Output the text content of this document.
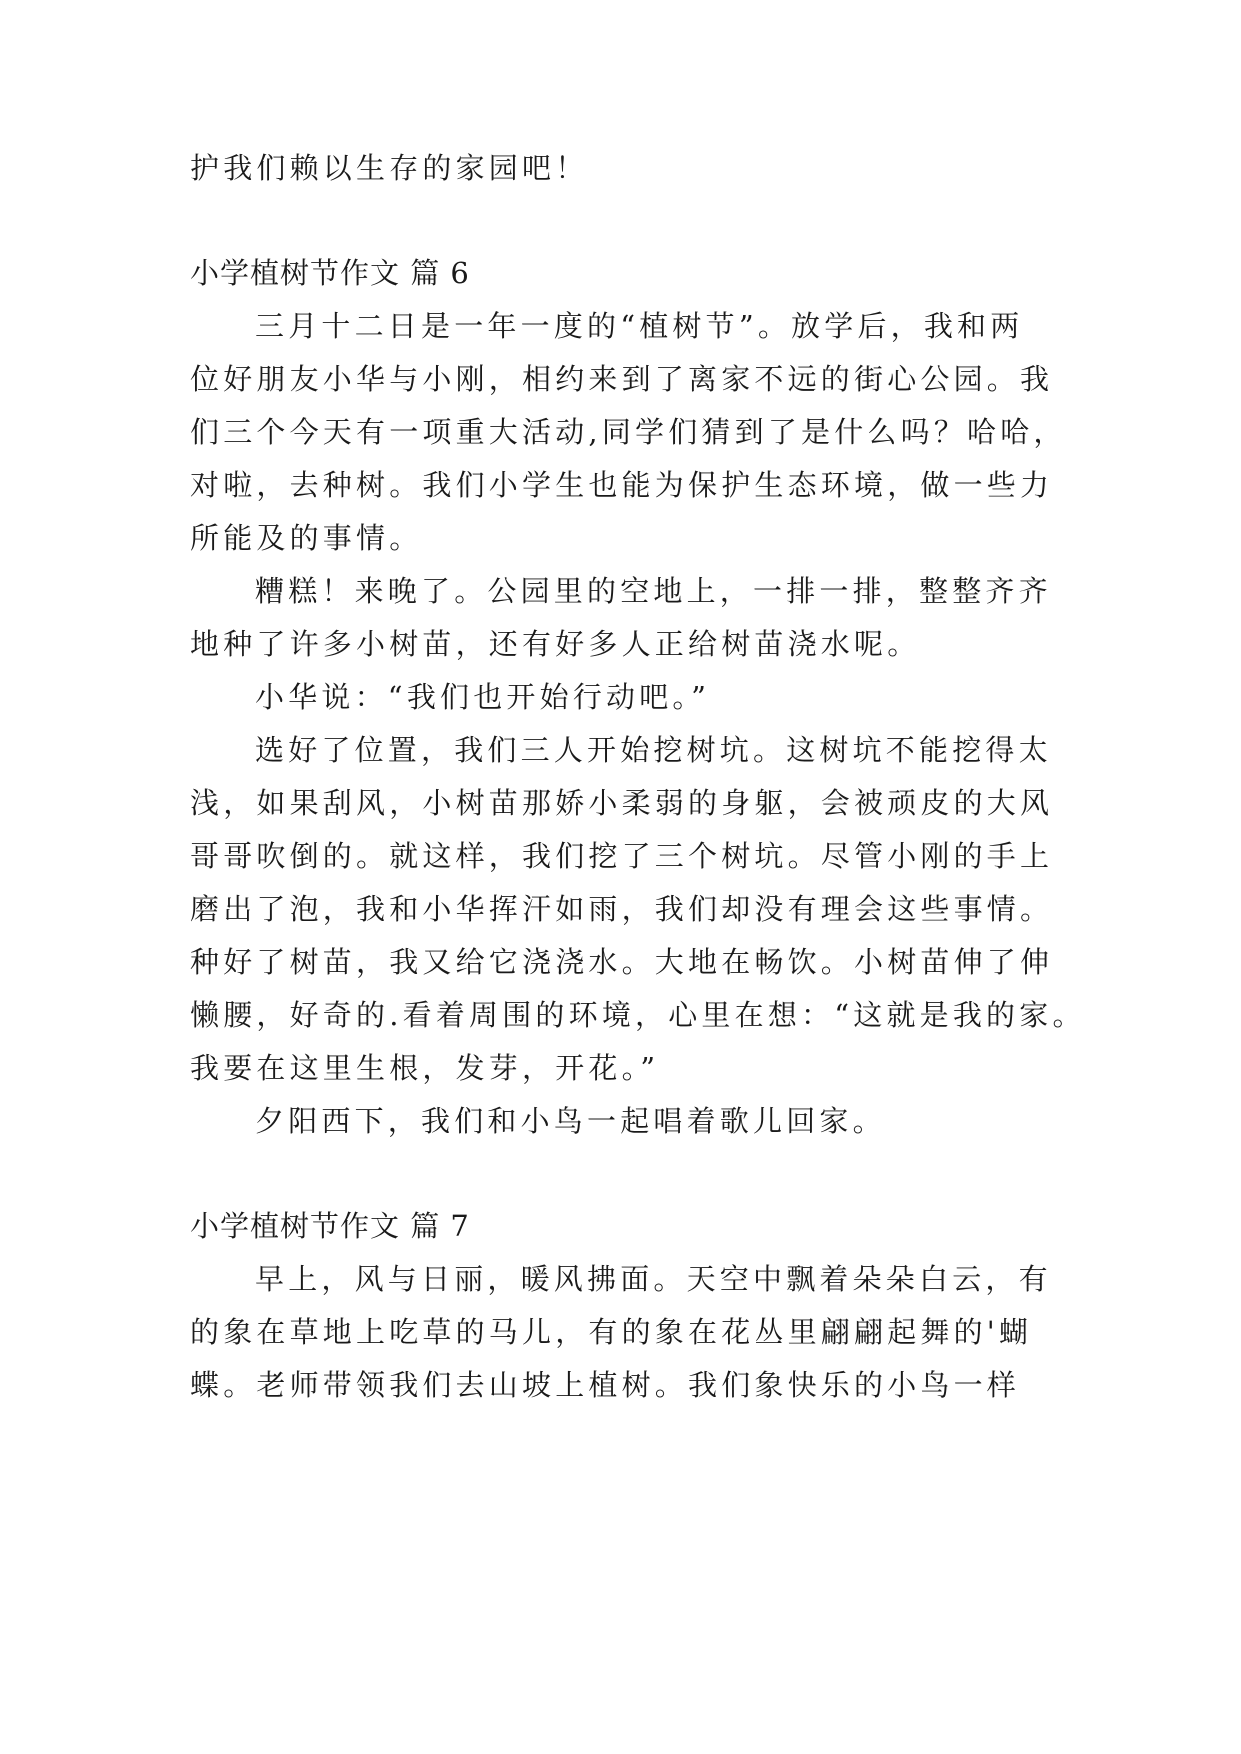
护我们赖以生存的家园吧！
小学植树节作文 篇 6
三月十二日是一年一度的“植树节”。放学后，我和两
位好朋友小华与小刚，相约来到了离家不远的街心公园。我
们三个今天有一项重大活动,同学们猜到了是什么吗？哈哈，
对啦，去种树。我们小学生也能为保护生态环境，做一些力
所能及的事情。
糟糕！来晚了。公园里的空地上，一排一排，整整齐齐
地种了许多小树苗，还有好多人正给树苗浇水呢。
小华说：“我们也开始行动吧。”
选好了位置，我们三人开始挖树坑。这树坑不能挖得太
浅，如果刮风，小树苗那娇小柔弱的身躯，会被顽皮的大风
哥哥吹倒的。就这样，我们挖了三个树坑。尽管小刚的手上
磨出了泡，我和小华挥汗如雨，我们却没有理会这些事情。
种好了树苗，我又给它浇浇水。大地在畅饮。小树苗伸了伸
懒腰，好奇的.看着周围的环境，心里在想：“这就是我的家。
我要在这里生根，发芽，开花。”
夕阳西下，我们和小鸟一起唱着歌儿回家。
小学植树节作文 篇 7
早上，风与日丽，暖风拂面。天空中飘着朵朵白云，有
的象在草地上吃草的马儿，有的象在花丛里翩翩起舞的'蝴
蝶。老师带领我们去山坡上植树。我们象快乐的小鸟一样
